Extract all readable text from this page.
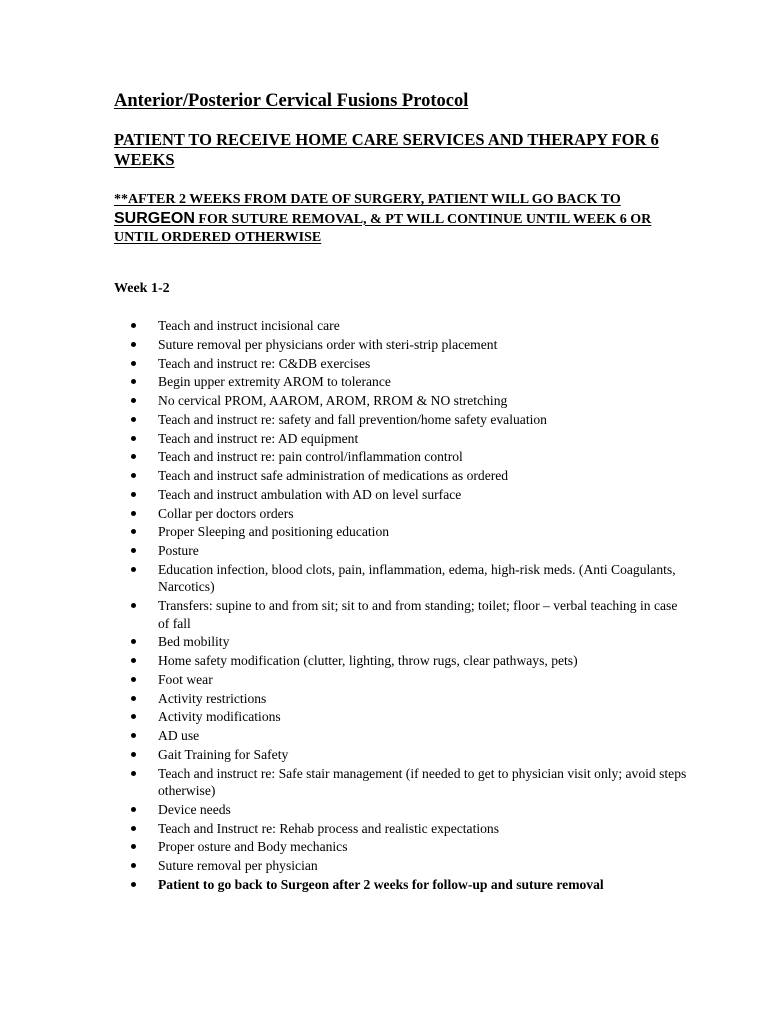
Anterior/Posterior Cervical Fusions Protocol

PATIENT TO RECEIVE HOME CARE SERVICES AND THERAPY FOR 6 WEEKS

**AFTER 2 WEEKS FROM DATE OF SURGERY, PATIENT WILL GO BACK TO SURGEON FOR SUTURE REMOVAL, & PT WILL CONTINUE UNTIL WEEK 6 OR UNTIL ORDERED OTHERWISE

Week 1-2
Teach and instruct incisional care
Suture removal per physicians order with steri-strip placement
Teach and instruct re: C&DB exercises
Begin upper extremity AROM to tolerance
No cervical PROM, AAROM, AROM, RROM & NO stretching
Teach and instruct re: safety and fall prevention/home safety evaluation
Teach and instruct re: AD equipment
Teach and instruct re: pain control/inflammation control
Teach and instruct safe administration of medications as ordered
Teach and instruct ambulation with AD on level surface
Collar per doctors orders
Proper Sleeping and positioning education
Posture
Education infection, blood clots, pain, inflammation, edema, high-risk meds. (Anti Coagulants, Narcotics)
Transfers: supine to and from sit; sit to and from standing; toilet; floor – verbal teaching in case of fall
Bed mobility
Home safety modification (clutter, lighting, throw rugs, clear pathways, pets)
Foot wear
Activity restrictions
Activity modifications
AD use
Gait Training for Safety
Teach and instruct re: Safe stair management (if needed to get to physician visit only; avoid steps otherwise)
Device needs
Teach and Instruct re: Rehab process and realistic expectations
Proper osture and Body mechanics
Suture removal per physician
Patient to go back to Surgeon after 2 weeks for follow-up and suture removal
